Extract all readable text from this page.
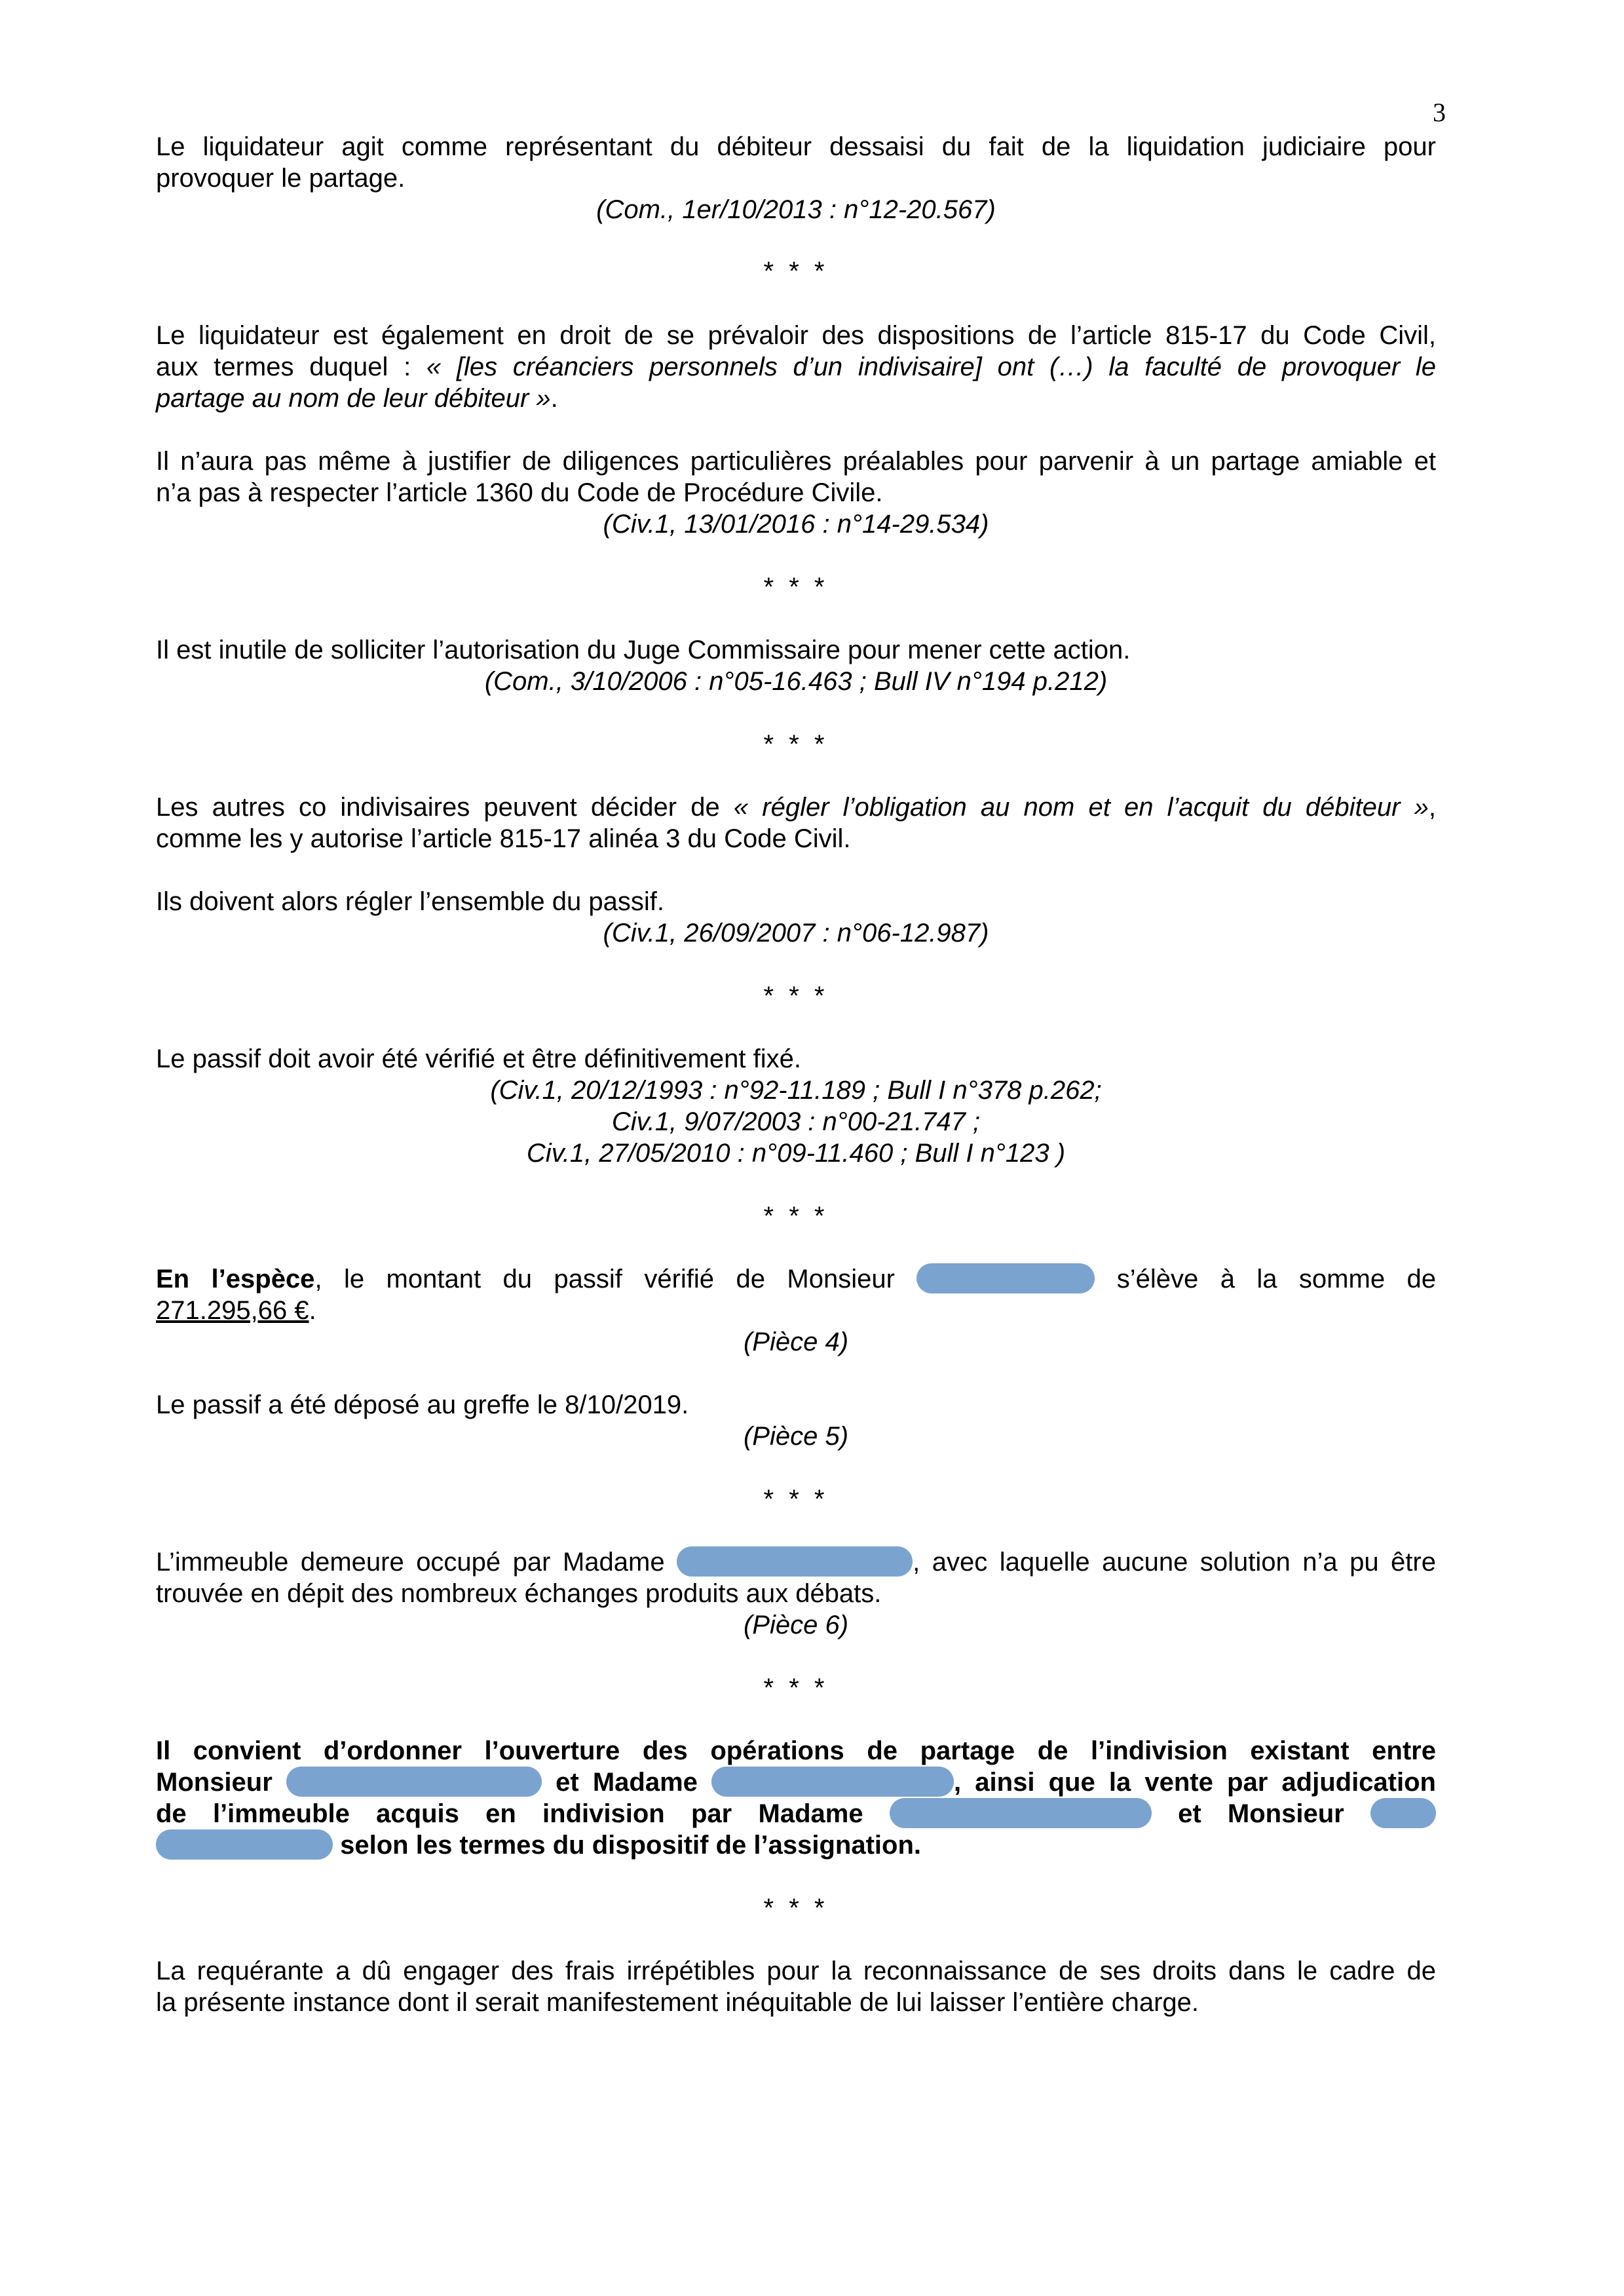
3
Le liquidateur agit comme représentant du débiteur dessaisi du fait de la liquidation judiciaire pour
provoquer le partage.
(Com., 1er/10/2013 : n°12-20.567)
* * *
Le liquidateur est également en droit de se prévaloir des dispositions de l’article 815-17 du Code Civil,
aux termes duquel : « [les créanciers personnels d’un indivisaire] ont (…) la faculté de provoquer le
partage au nom de leur débiteur ».
Il n’aura pas même à justifier de diligences particulières préalables pour parvenir à un partage amiable et
n’a pas à respecter l’article 1360 du Code de Procédure Civile.
(Civ.1, 13/01/2016 : n°14-29.534)
* * *
Il est inutile de solliciter l’autorisation du Juge Commissaire pour mener cette action.
(Com., 3/10/2006 : n°05-16.463 ; Bull IV n°194 p.212)
* * *
Les autres co indivisaires peuvent décider de « régler l’obligation au nom et en l’acquit du débiteur »,
comme les y autorise l’article 815-17 alinéa 3 du Code Civil.
Ils doivent alors régler l’ensemble du passif.
(Civ.1, 26/09/2007 : n°06-12.987)
* * *
Le passif doit avoir été vérifié et être définitivement fixé.
(Civ.1, 20/12/1993 : n°92-11.189 ; Bull I n°378 p.262;
Civ.1, 9/07/2003 : n°00-21.747 ;
Civ.1, 27/05/2010 : n°09-11.460 ; Bull I n°123 )
* * *
En l’espèce, le montant du passif vérifié de Monsieur	s’élève à la somme de
271.295,66 €.
(Pièce 4)
Le passif a été déposé au greffe le 8/10/2019.
(Pièce 5)
* * *
L’immeuble demeure occupé par Madame	, avec laquelle aucune solution n’a pu être
trouvée en dépit des nombreux échanges produits aux débats.
(Pièce 6)
* * *
Il convient d’ordonner l’ouverture des opérations de partage de l’indivision existant entre
Monsieur	et Madame	, ainsi que la vente par adjudication
de l’immeuble acquis en indivision par Madame	et Monsieur
selon les termes du dispositif de l’assignation.
* * *
La requérante a dû engager des frais irrépétibles pour la reconnaissance de ses droits dans le cadre de
la présente instance dont il serait manifestement inéquitable de lui laisser l’entière charge.
